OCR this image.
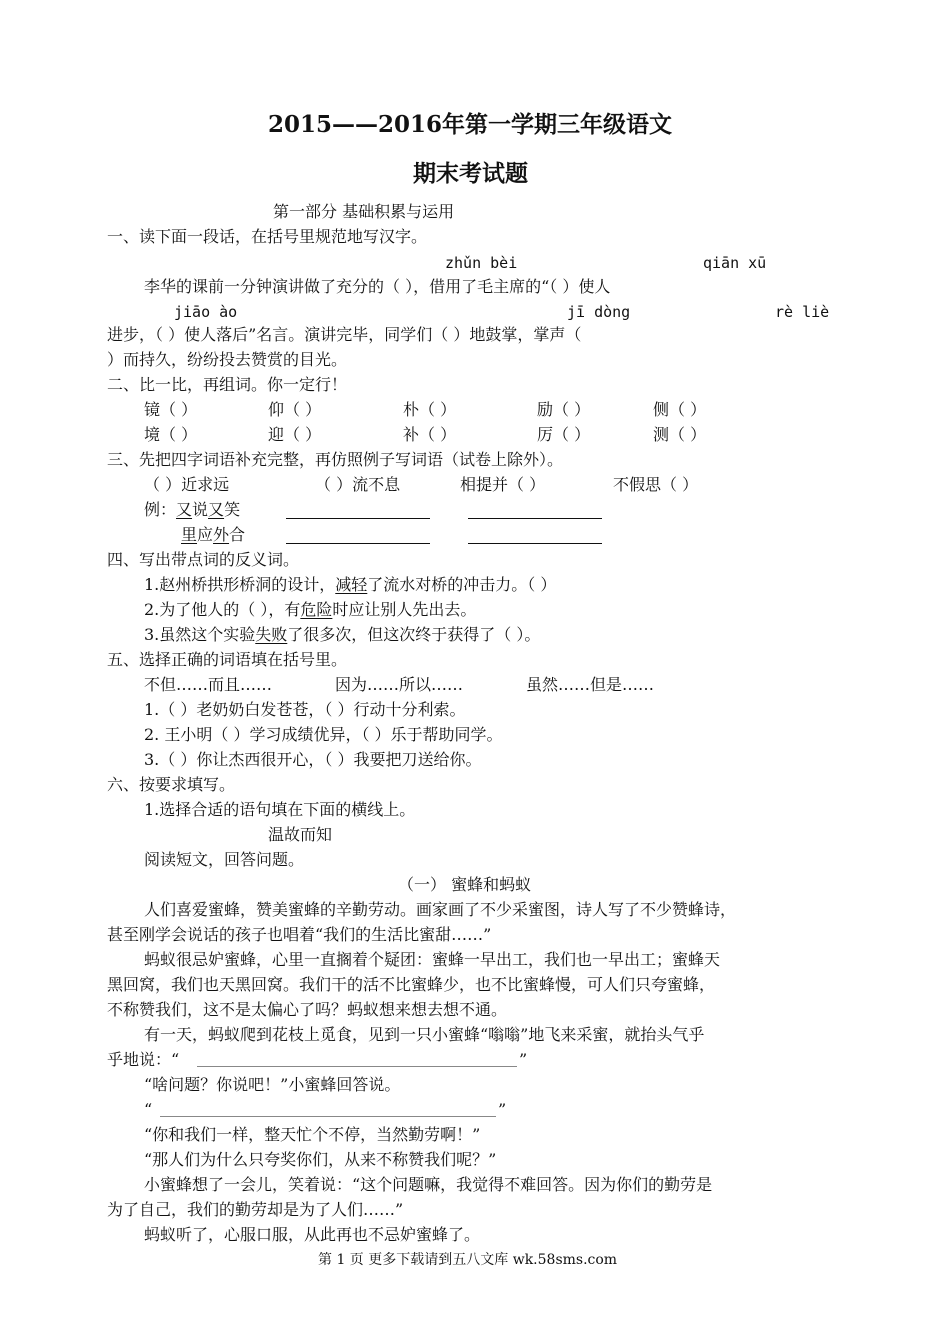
2015——2016年第一学期三年级语文
期末考试题
第一部分 基础积累与运用
一、读下面一段话，在括号里规范地写汉字。
zhǔn bèi	qiān xū
李华的课前一分钟演讲做了充分的（ ），借用了毛主席的“（ ）使人
jiāo ào	jī dòng	rè liè
进步，（ ）使人落后”名言。演讲完毕，同学们（ ）地鼓掌，掌声（
）而持久，纷纷投去赞赏的目光。
二、比一比，再组词。你一定行！
镜（ ）	仰（ ）	朴（ ）	励（ ）	侧（ ）
境（ ）	迎（ ）	补（ ）	厉（ ）	测（ ）
三、先把四字词语补充完整，再仿照例子写词语（试卷上除外）。
（ ）近求远	（ ）流不息	相提并（ ）	不假思（ ）
例：又说又笑
里应外合
四、写出带点词的反义词。
1.赵州桥拱形桥洞的设计，减轻了流水对桥的冲击力。（ ）
2.为了他人的（ ），有危险时应让别人先出去。
3.虽然这个实验失败了很多次，但这次终于获得了（ ）。
五、选择正确的词语填在括号里。
不但……而且……	因为……所以……	虽然……但是……
1.（ ）老奶奶白发苍苍，（ ）行动十分利索。
2. 王小明（ ）学习成绩优异，（ ）乐于帮助同学。
3.（ ）你让杰西很开心，（ ）我要把刀送给你。
六、按要求填写。
1.选择合适的语句填在下面的横线上。
温故而知
阅读短文，回答问题。
（一） 蜜蜂和蚂蚁
人们喜爱蜜蜂，赞美蜜蜂的辛勤劳动。画家画了不少采蜜图，诗人写了不少赞蜂诗，
甚至刚学会说话的孩子也唱着“我们的生活比蜜甜……”
蚂蚁很忌妒蜜蜂，心里一直搁着个疑团：蜜蜂一早出工，我们也一早出工；蜜蜂天
黑回窝，我们也天黑回窝。我们干的活不比蜜蜂少，也不比蜜蜂慢，可人们只夸蜜蜂，
不称赞我们，这不是太偏心了吗？蚂蚁想来想去想不通。
有一天，蚂蚁爬到花枝上觅食，见到一只小蜜蜂“嗡嗡”地飞来采蜜，就抬头气乎
乎地说：“	”
“啥问题？你说吧！”小蜜蜂回答说。
“	”
“你和我们一样，整天忙个不停，当然勤劳啊！”
“那人们为什么只夸奖你们，从来不称赞我们呢？”
小蜜蜂想了一会儿，笑着说：“这个问题嘛，我觉得不难回答。因为你们的勤劳是
为了自己，我们的勤劳却是为了人们……”
蚂蚁听了，心服口服，从此再也不忌妒蜜蜂了。
第 1 页 更多下载请到五八文库 wk.58sms.com
